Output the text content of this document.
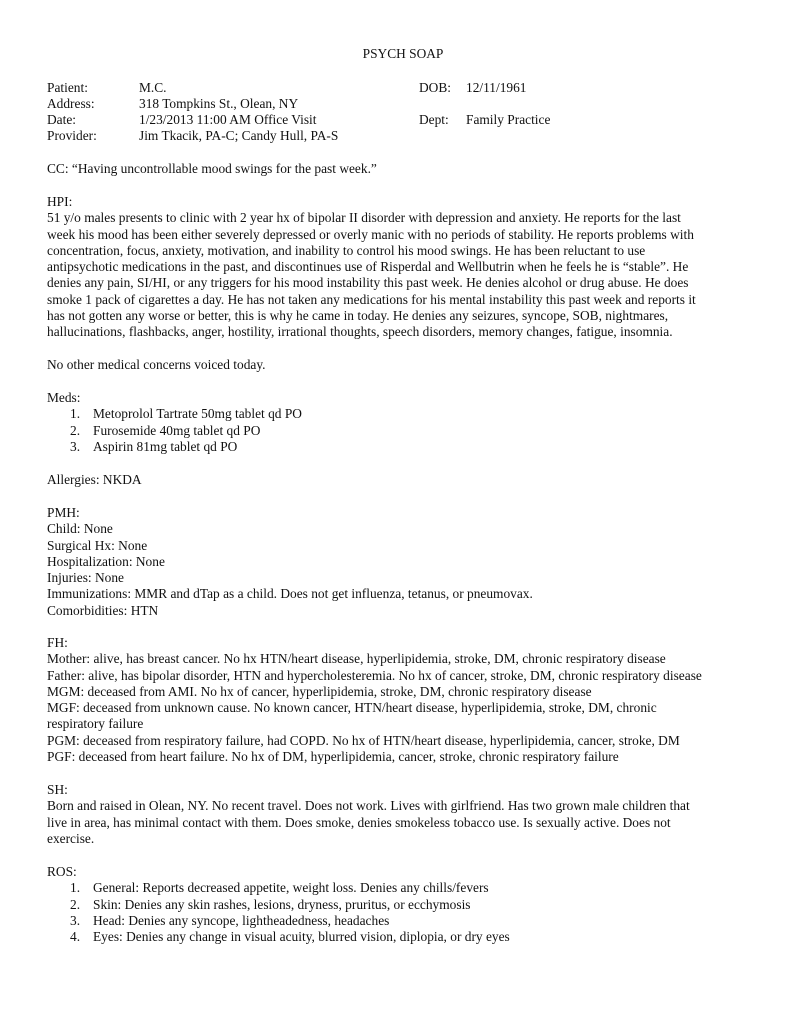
PSYCH SOAP
Patient:	M.C.	DOB: 12/11/1961
Address:	318 Tompkins St., Olean, NY
Date:	1/23/2013 11:00 AM Office Visit	Dept: Family Practice
Provider:	Jim Tkacik, PA-C; Candy Hull, PA-S
CC: “Having uncontrollable mood swings for the past week.”
HPI:
51 y/o males presents to clinic with 2 year hx of bipolar II disorder with depression and anxiety. He reports for the last
week his mood has been either severely depressed or overly manic with no periods of stability. He reports problems with
concentration, focus, anxiety, motivation, and inability to control his mood swings. He has been reluctant to use
antipsychotic medications in the past, and discontinues use of Risperdal and Wellbutrin when he feels he is “stable”. He
denies any pain, SI/HI, or any triggers for his mood instability this past week. He denies alcohol or drug abuse. He does
smoke 1 pack of cigarettes a day. He has not taken any medications for his mental instability this past week and reports it
has not gotten any worse or better, this is why he came in today. He denies any seizures, syncope, SOB, nightmares,
hallucinations, flashbacks, anger, hostility, irrational thoughts, speech disorders, memory changes, fatigue, insomnia.
No other medical concerns voiced today.
Meds:
1. Metoprolol Tartrate 50mg tablet qd PO
2. Furosemide 40mg tablet qd PO
3. Aspirin 81mg tablet qd PO
Allergies: NKDA
PMH:
Child: None
Surgical Hx: None
Hospitalization: None
Injuries: None
Immunizations: MMR and dTap as a child. Does not get influenza, tetanus, or pneumovax.
Comorbidities: HTN
FH:
Mother: alive, has breast cancer. No hx HTN/heart disease, hyperlipidemia, stroke, DM, chronic respiratory disease
Father: alive, has bipolar disorder, HTN and hypercholesteremia. No hx of cancer, stroke, DM, chronic respiratory disease
MGM: deceased from AMI. No hx of cancer, hyperlipidemia, stroke, DM, chronic respiratory disease
MGF: deceased from unknown cause. No known cancer, HTN/heart disease, hyperlipidemia, stroke, DM, chronic
respiratory failure
PGM: deceased from respiratory failure, had COPD. No hx of HTN/heart disease, hyperlipidemia, cancer, stroke, DM
PGF: deceased from heart failure. No hx of DM, hyperlipidemia, cancer, stroke, chronic respiratory failure
SH:
Born and raised in Olean, NY. No recent travel. Does not work. Lives with girlfriend. Has two grown male children that
live in area, has minimal contact with them. Does smoke, denies smokeless tobacco use. Is sexually active. Does not
exercise.
ROS:
1. General: Reports decreased appetite, weight loss. Denies any chills/fevers
2. Skin: Denies any skin rashes, lesions, dryness, pruritus, or ecchymosis
3. Head: Denies any syncope, lightheadedness, headaches
4. Eyes: Denies any change in visual acuity, blurred vision, diplopia, or dry eyes
